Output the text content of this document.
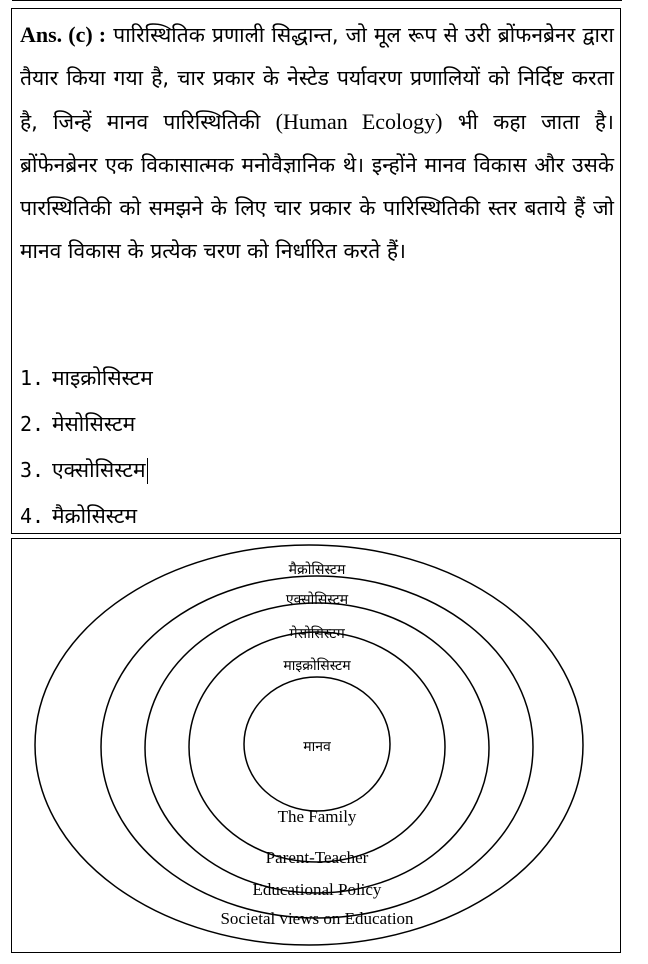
Ans. (c) : पारिस्थितिक प्रणाली सिद्धान्त, जो मूल रूप से उरी ब्रोंफनब्रेनर द्वारा तैयार किया गया है, चार प्रकार के नेस्टेड पर्यावरण प्रणालियों को निर्दिष्ट करता है, जिन्हें मानव पारिस्थितिकी (Human Ecology) भी कहा जाता है। ब्रोंफेनब्रेनर एक विकासात्मक मनोवैज्ञानिक थे। इन्होंने मानव विकास और उसके पारस्थितिकी को समझने के लिए चार प्रकार के पारिस्थितिकी स्तर बताये हैं जो मानव विकास के प्रत्येक चरण को निर्धारित करते हैं।
1. माइक्रोसिस्टम
2. मेसोसिस्टम
3. एक्सोसिस्टम
4. मैक्रोसिस्टम
मैक्रोसिस्टम
एक्सोसिस्टम
मेसोसिस्टम
माइक्रोसिस्टम
मानव
The Family
Parent-Teacher
Educational Policy
Societal views on Education
